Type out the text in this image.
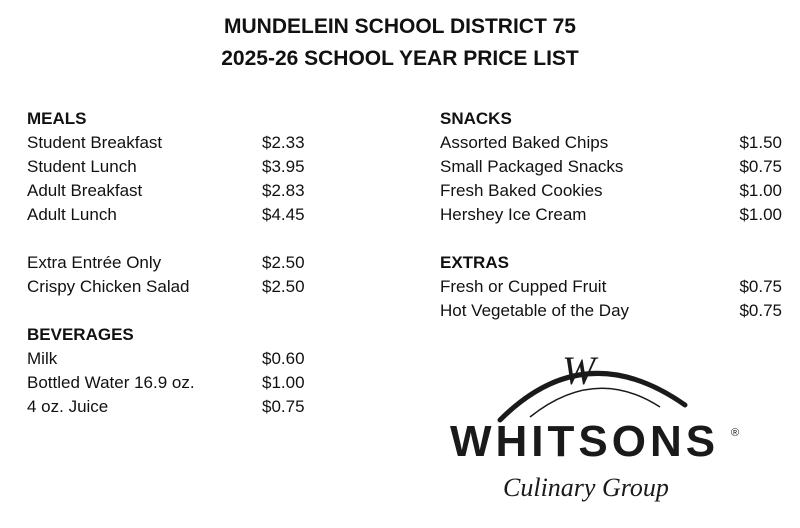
MUNDELEIN SCHOOL DISTRICT 75
2025-26 SCHOOL YEAR PRICE LIST
MEALS
Student Breakfast	$2.33
Student Lunch	$3.95
Adult Breakfast	$2.83
Adult Lunch	$4.45
Extra Entrée Only	$2.50
Crispy Chicken Salad	$2.50
BEVERAGES
Milk	$0.60
Bottled Water 16.9 oz.	$1.00
4 oz. Juice	$0.75
SNACKS
Assorted Baked Chips	$1.50
Small Packaged Snacks	$0.75
Fresh Baked Cookies	$1.00
Hershey Ice Cream	$1.00
EXTRAS
Fresh or Cupped Fruit	$0.75
Hot Vegetable of the Day	$0.75
W
WHITSONS ®
Culinary Group
